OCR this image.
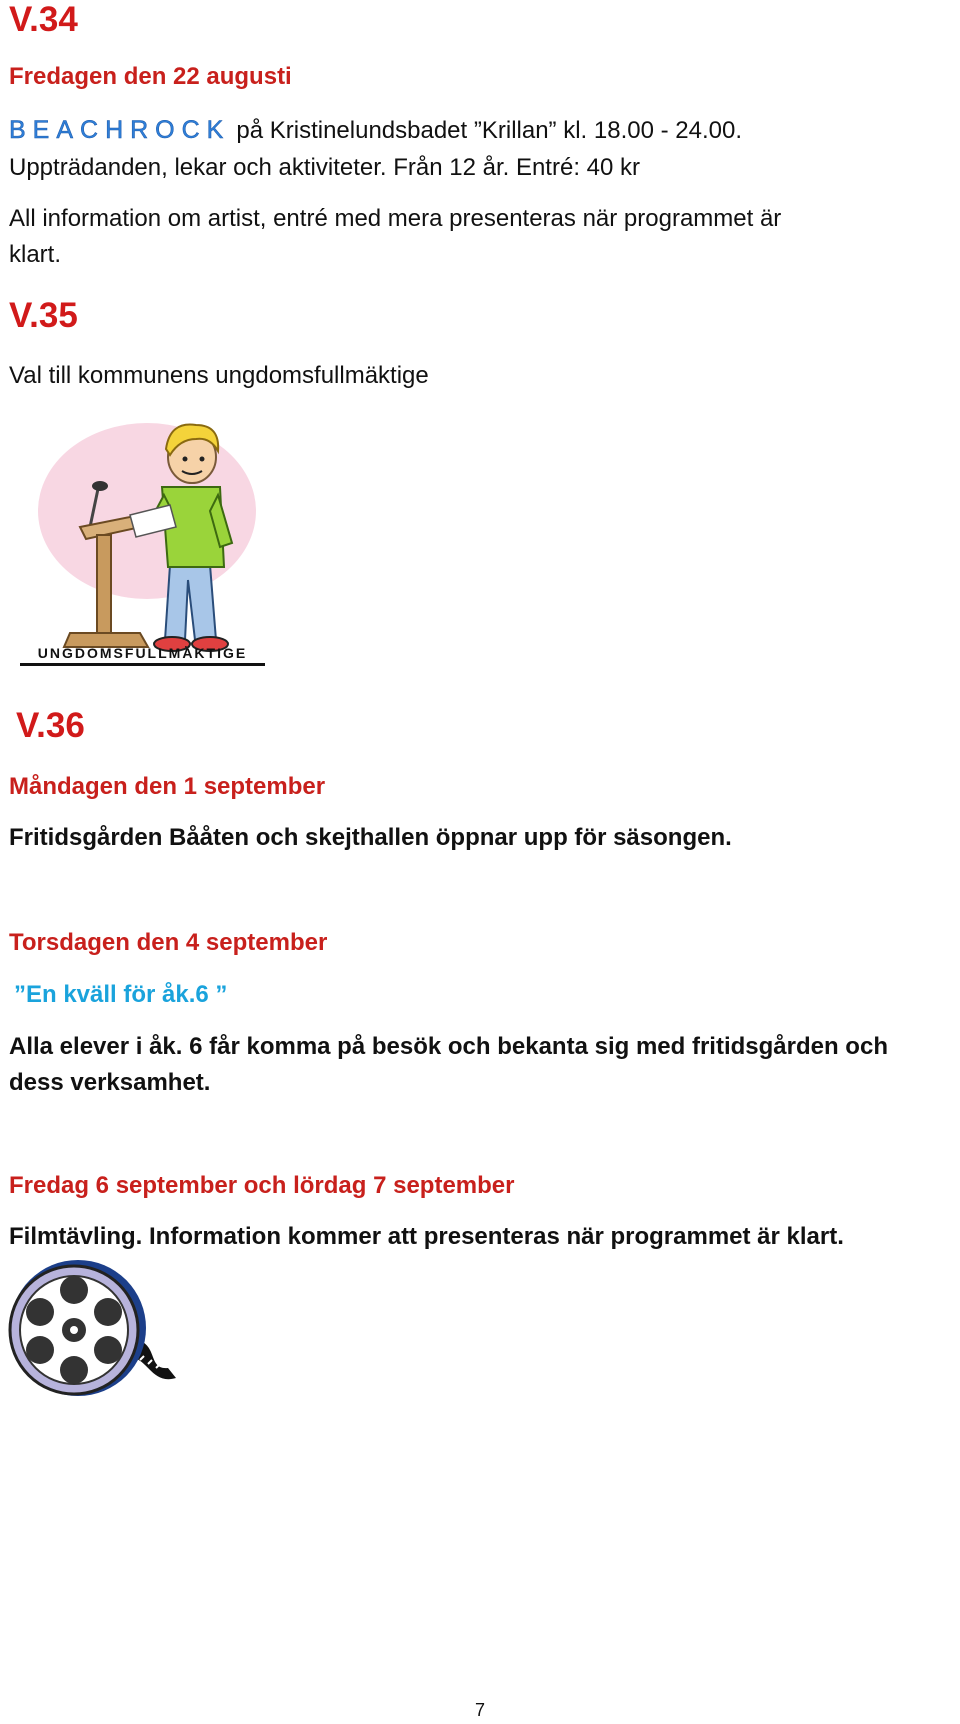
V.34
Fredagen den 22 augusti
BEACHROCK på Kristinelundsbadet ”Krillan” kl. 18.00 - 24.00.
Uppträdanden, lekar och aktiviteter. Från 12 år. Entré: 40 kr
All information om artist, entré med mera presenteras när programmet är
klart.
V.35
Val till kommunens ungdomsfullmäktige
UNGDOMSFULLMÄKTIGE
V.36
Måndagen den 1 september
Fritidsgården Bååten och skejthallen öppnar upp för säsongen.
Torsdagen den 4 september
”En kväll för åk.6 ”
Alla elever i åk. 6 får komma på besök och bekanta sig med fritidsgården och
dess verksamhet.
Fredag 6 september och lördag 7 september
Filmtävling. Information kommer att presenteras när programmet är klart.
7
